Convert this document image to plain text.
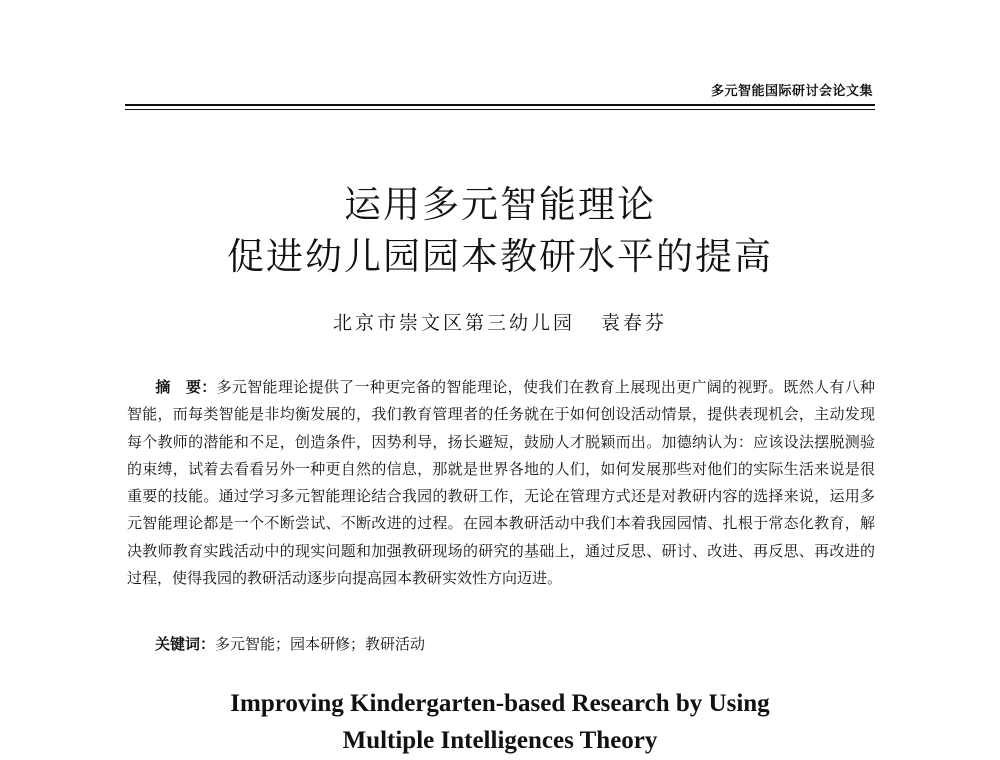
多元智能国际研讨会论文集
运用多元智能理论
促进幼儿园园本教研水平的提高
北京市崇文区第三幼儿园 袁春芬
摘　要：多元智能理论提供了一种更完备的智能理论，使我们在教育上展现出更广阔的视野。既然人有八种智能，而每类智能是非均衡发展的，我们教育管理者的任务就在于如何创设活动情景，提供表现机会，主动发现每个教师的潜能和不足，创造条件，因势利导，扬长避短，鼓励人才脱颖而出。加德纳认为：应该设法摆脱测验的束缚，试着去看看另外一种更自然的信息，那就是世界各地的人们，如何发展那些对他们的实际生活来说是很重要的技能。通过学习多元智能理论结合我园的教研工作，无论在管理方式还是对教研内容的选择来说，运用多元智能理论都是一个不断尝试、不断改进的过程。在园本教研活动中我们本着我园园情、扎根于常态化教育，解决教师教育实践活动中的现实问题和加强教研现场的研究的基础上，通过反思、研讨、改进、再反思、再改进的过程，使得我园的教研活动逐步向提高园本教研实效性方向迈进。
关键词：多元智能；园本研修；教研活动
Improving Kindergarten-based Research by Using
Multiple Intelligences Theory
